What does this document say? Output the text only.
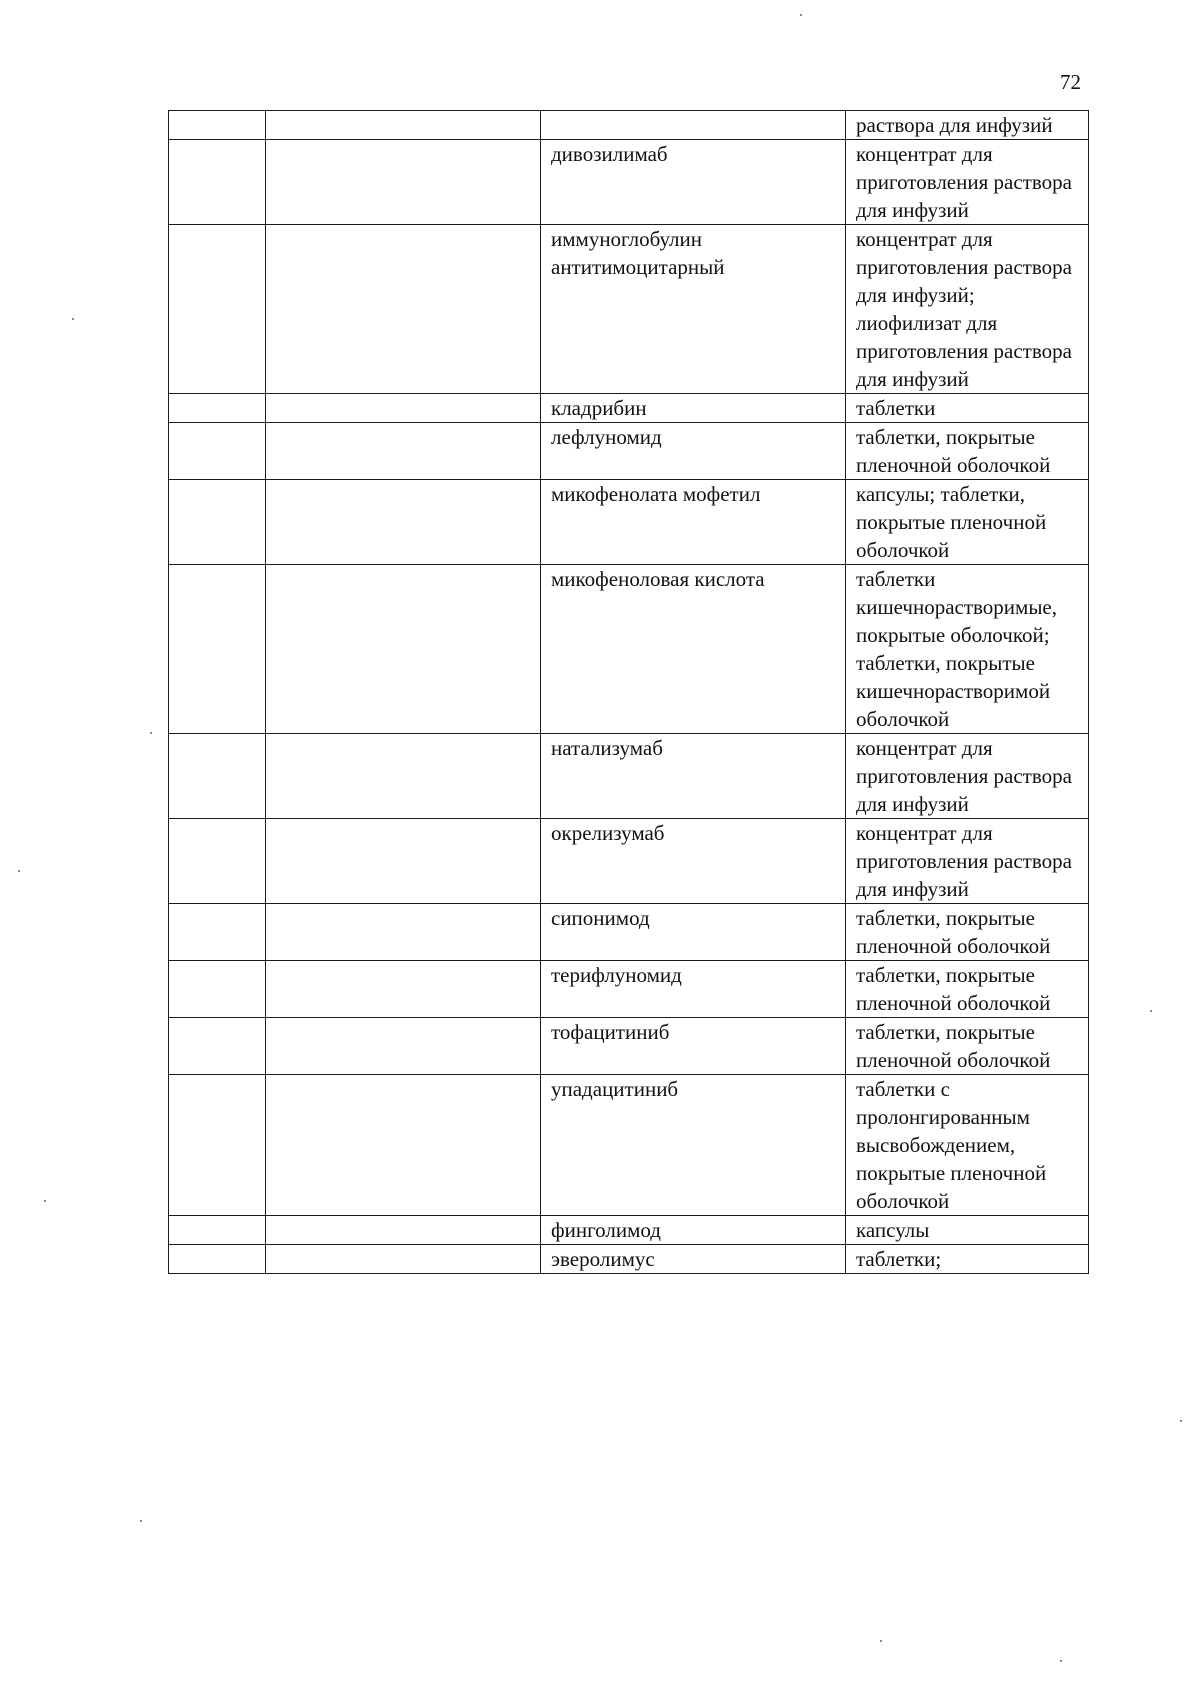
72
			раствора для инфузий
		дивозилимаб	концентрат для приготовления раствора для инфузий
		иммуноглобулин антитимоцитарный	концентрат для приготовления раствора для инфузий; лиофилизат для приготовления раствора для инфузий
		кладрибин	таблетки
		лефлуномид	таблетки, покрытые пленочной оболочкой
		микофенолата мофетил	капсулы; таблетки, покрытые пленочной оболочкой
		микофеноловая кислота	таблетки кишечнорастворимые, покрытые оболочкой; таблетки, покрытые кишечнорастворимой оболочкой
		натализумаб	концентрат для приготовления раствора для инфузий
		окрелизумаб	концентрат для приготовления раствора для инфузий
		сипонимод	таблетки, покрытые пленочной оболочкой
		терифлуномид	таблетки, покрытые пленочной оболочкой
		тофацитиниб	таблетки, покрытые пленочной оболочкой
		упадацитиниб	таблетки с пролонгированным высвобождением, покрытые пленочной оболочкой
		финголимод	капсулы
		эверолимус	таблетки;
